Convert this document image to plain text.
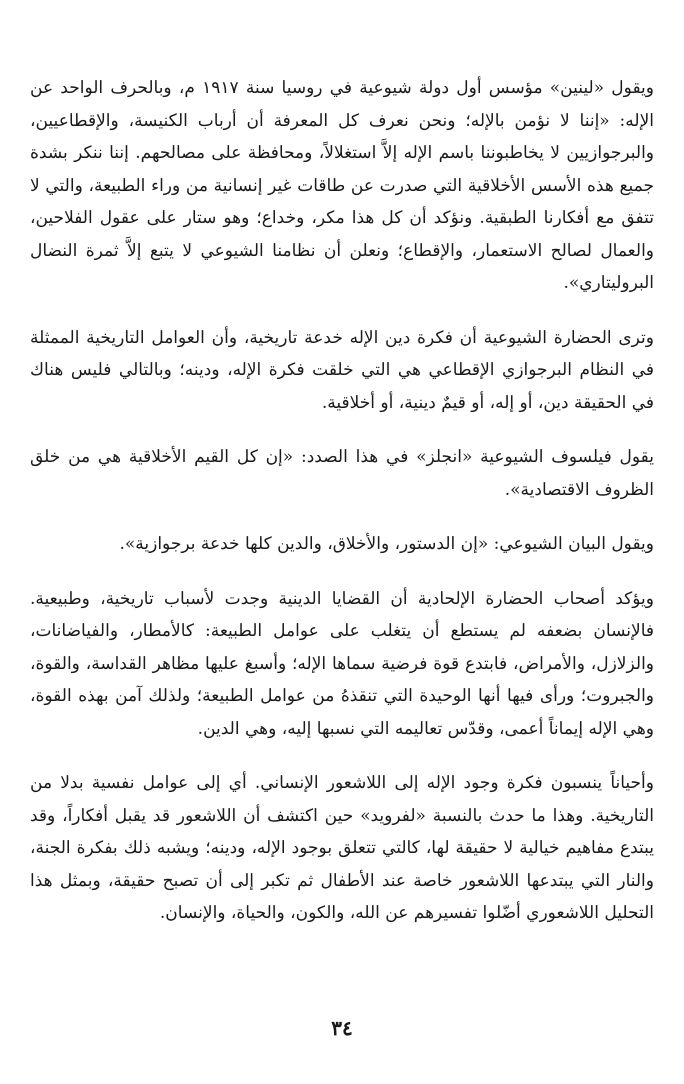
ويقول «لينين» مؤسس أول دولة شيوعية في روسيا سنة ١٩١٧ م، وبالحرف الواحد عن الإله: «إننا لا نؤمن بالإله؛ ونحن نعرف كل المعرفة أن أرباب الكنيسة، والإقطاعيين، والبرجوازيين لا يخاطبوننا باسم الإله إلاَّ استغلالاً، ومحافظة على مصالحهم. إننا ننكر بشدة جميع هذه الأسس الأخلاقية التي صدرت عن طاقات غير إنسانية من وراء الطبيعة، والتي لا تتفق مع أفكارنا الطبقية. ونؤكد أن كل هذا مكر، وخداع؛ وهو ستار على عقول الفلاحين، والعمال لصالح الاستعمار، والإقطاع؛ ونعلن أن نظامنا الشيوعي لا يتبع إلاَّ ثمرة النضال البروليتاري».

وترى الحضارة الشيوعية أن فكرة دين الإله خدعة تاريخية، وأن العوامل التاريخية الممثلة في النظام البرجوازي الإقطاعي هي التي خلقت فكرة الإله، ودينه؛ وبالتالي فليس هناك في الحقيقة دين، أو إله، أو قيمٌ دينية، أو أخلاقية.

يقول فيلسوف الشيوعية «انجلز» في هذا الصدد: «إن كل القيم الأخلاقية هي من خلق الظروف الاقتصادية».

ويقول البيان الشيوعي: «إن الدستور، والأخلاق، والدين كلها خدعة برجوازية».

ويؤكد أصحاب الحضارة الإلحادية أن القضايا الدينية وجدت لأسباب تاريخية، وطبيعية. فالإنسان بضعفه لم يستطع أن يتغلب على عوامل الطبيعة: كالأمطار، والفياضانات، والزلازل، والأمراض، فابتدع قوة فرضية سماها الإله؛ وأسبغ عليها مظاهر القداسة، والقوة، والجبروت؛ ورأى فيها أنها الوحيدة التي تنقذهُ من عوامل الطبيعة؛ ولذلك آمن بهذه القوة، وهي الإله إيماناً أعمى، وقدّس تعاليمه التي نسبها إليه، وهي الدين.

وأحياناً ينسبون فكرة وجود الإله إلى اللاشعور الإنساني. أي إلى عوامل نفسية بدلا من التاريخية. وهذا ما حدث بالنسبة «لفرويد» حين اكتشف أن اللاشعور قد يقبل أفكاراً، وقد يبتدع مفاهيم خيالية لا حقيقة لها، كالتي تتعلق بوجود الإله، ودينه؛ ويشبه ذلك بفكرة الجنة، والنار التي يبتدعها اللاشعور خاصة عند الأطفال ثم تكبر إلى أن تصبح حقيقة، وبمثل هذا التحليل اللاشعوري أضّلوا تفسيرهم عن الله، والكون، والحياة، والإنسان.

٣٤
